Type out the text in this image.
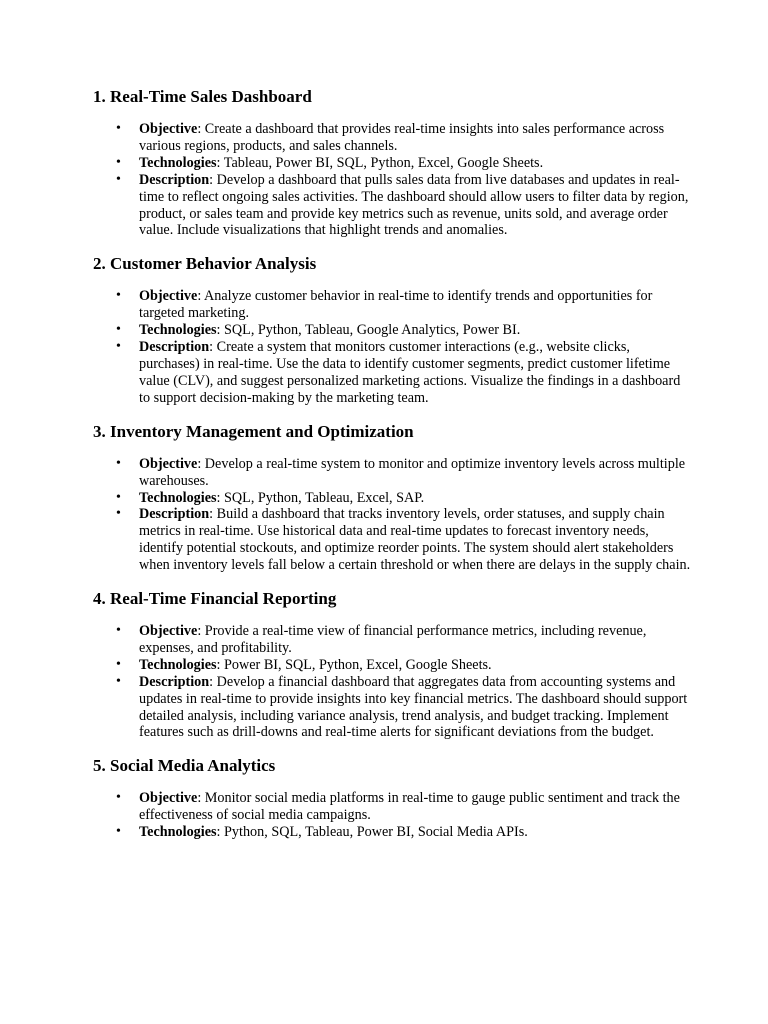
1. Real-Time Sales Dashboard
• Objective: Create a dashboard that provides real-time insights into sales performance across various regions, products, and sales channels.
• Technologies: Tableau, Power BI, SQL, Python, Excel, Google Sheets.
• Description: Develop a dashboard that pulls sales data from live databases and updates in real-time to reflect ongoing sales activities. The dashboard should allow users to filter data by region, product, or sales team and provide key metrics such as revenue, units sold, and average order value. Include visualizations that highlight trends and anomalies.
2. Customer Behavior Analysis
• Objective: Analyze customer behavior in real-time to identify trends and opportunities for targeted marketing.
• Technologies: SQL, Python, Tableau, Google Analytics, Power BI.
• Description: Create a system that monitors customer interactions (e.g., website clicks, purchases) in real-time. Use the data to identify customer segments, predict customer lifetime value (CLV), and suggest personalized marketing actions. Visualize the findings in a dashboard to support decision-making by the marketing team.
3. Inventory Management and Optimization
• Objective: Develop a real-time system to monitor and optimize inventory levels across multiple warehouses.
• Technologies: SQL, Python, Tableau, Excel, SAP.
• Description: Build a dashboard that tracks inventory levels, order statuses, and supply chain metrics in real-time. Use historical data and real-time updates to forecast inventory needs, identify potential stockouts, and optimize reorder points. The system should alert stakeholders when inventory levels fall below a certain threshold or when there are delays in the supply chain.
4. Real-Time Financial Reporting
• Objective: Provide a real-time view of financial performance metrics, including revenue, expenses, and profitability.
• Technologies: Power BI, SQL, Python, Excel, Google Sheets.
• Description: Develop a financial dashboard that aggregates data from accounting systems and updates in real-time to provide insights into key financial metrics. The dashboard should support detailed analysis, including variance analysis, trend analysis, and budget tracking. Implement features such as drill-downs and real-time alerts for significant deviations from the budget.
5. Social Media Analytics
• Objective: Monitor social media platforms in real-time to gauge public sentiment and track the effectiveness of social media campaigns.
• Technologies: Python, SQL, Tableau, Power BI, Social Media APIs.
